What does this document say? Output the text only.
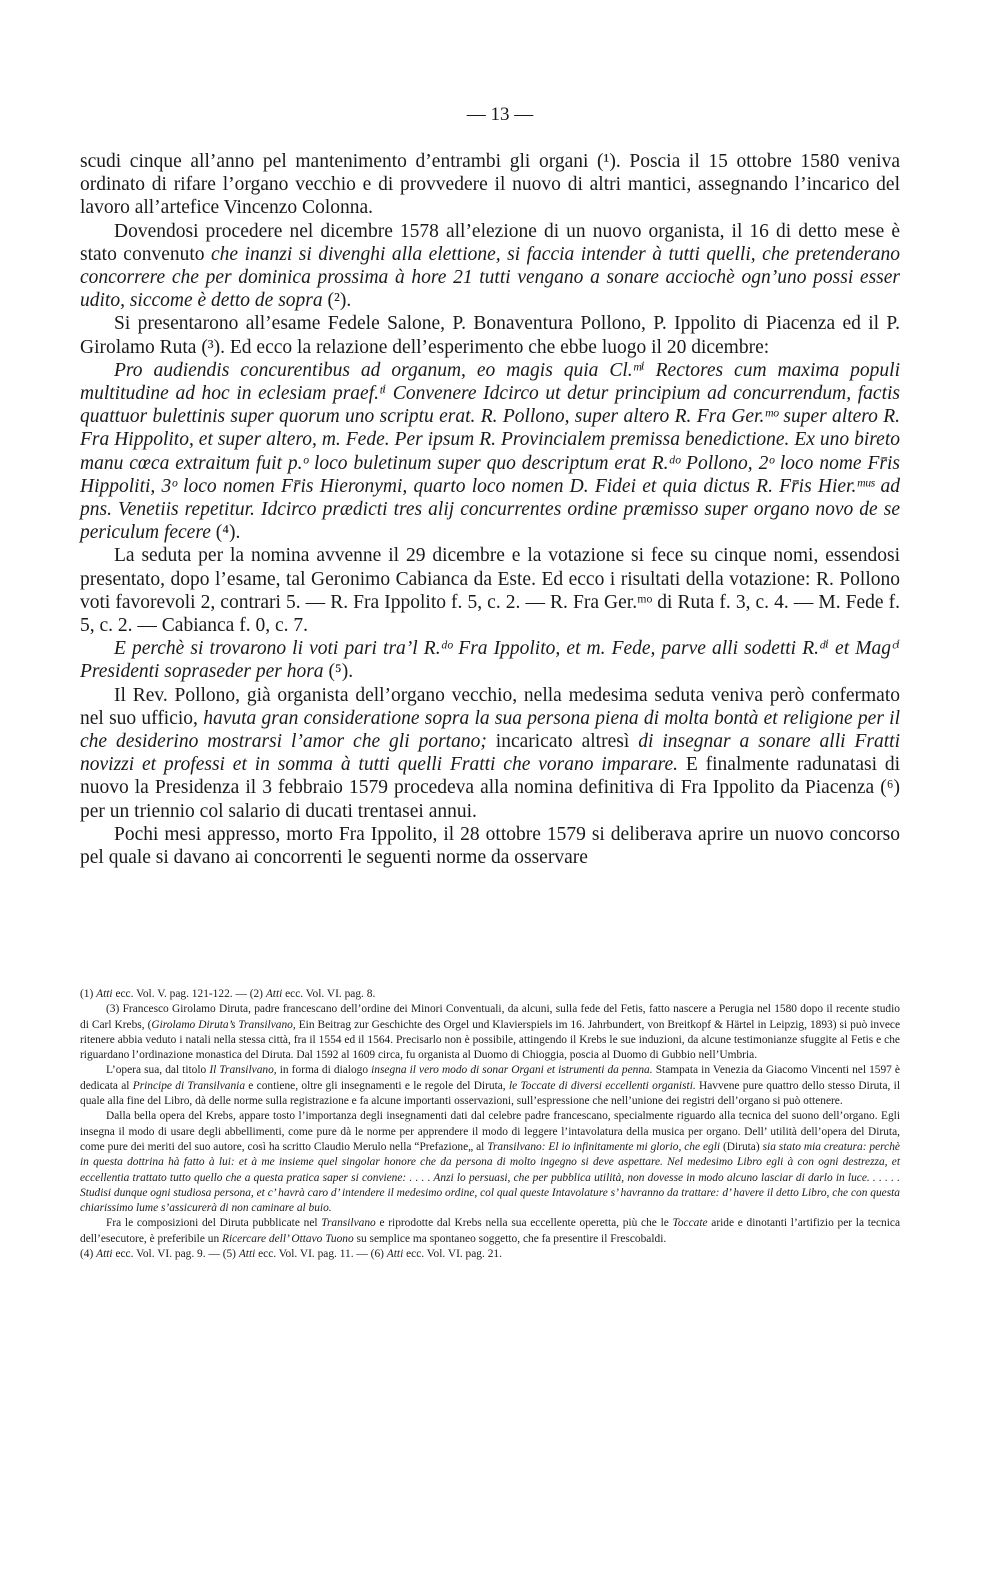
— 13 —

scudi cinque all’anno pel mantenimento d’entrambi gli organi (¹). Poscia il 15 ottobre 1580 veniva ordinato di rifare l’organo vecchio e di provvedere il nuovo di altri mantici, assegnando l’incarico del lavoro all’artefice Vincenzo Colonna.

Dovendosi procedere nel dicembre 1578 all’elezione di un nuovo organista, il 16 di detto mese è stato convenuto che inanzi si divenghi alla elettione, si faccia intender à tutti quelli, che pretenderano concorrere che per dominica prossima à hore 21 tutti vengano a sonare acciochè ogn’uno possi esser udito, siccome è detto de sopra (²).

Si presentarono all’esame Fedele Salone, P. Bonaventura Pollono, P. Ippolito di Piacenza ed il P. Girolamo Ruta (³). Ed ecco la relazione dell’esperimento che ebbe luogo il 20 dicembre:

Pro audiendis concurentibus ad organum, eo magis quia Cl.ᵐⁱ Rectores cum maxima populi multitudine ad hoc in eclesiam praef.ᵗⁱ Convenere Idcirco ut detur principium ad concurrendum, factis quattuor bulettinis super quorum uno scriptu erat. R. Pollono, super altero R. Fra Ger.ᵐᵒ super altero R. Fra Hippolito, et super altero, m. Fede. Per ipsum R. Provincialem premissa benedictione. Ex uno bireto manu cœca extraitum fuit p.ᵒ loco buletinum super quo descriptum erat R.ᵈᵒ Pollono, 2ᵒ loco nome Fr̄is Hippoliti, 3ᵒ loco nomen Fr̄is Hieronymi, quarto loco nomen D. Fidei et quia dictus R. Fr̄is Hier.ᵐᵘˢ ad pns. Venetiis repetitur. Idcirco prædicti tres alij concurrentes ordine præmisso super organo novo de se periculum fecere (⁴).

La seduta per la nomina avvenne il 29 dicembre e la votazione si fece su cinque nomi, essendosi presentato, dopo l’esame, tal Geronimo Cabianca da Este. Ed ecco i risultati della votazione: R. Pollono voti favorevoli 2, contrari 5. — R. Fra Ippolito f. 5, c. 2. — R. Fra Ger.ᵐᵒ di Ruta f. 3, c. 4. — M. Fede f. 5, c. 2. — Cabianca f. 0, c. 7.

E perchè si trovarono li voti pari tra’l R.ᵈᵒ Fra Ippolito, et m. Fede, parve alli sodetti R.ᵈⁱ et Magᶜⁱ Presidenti sopraseder per hora (⁵).

Il Rev. Pollono, già organista dell’organo vecchio, nella medesima seduta veniva però confermato nel suo ufficio, havuta gran consideratione sopra la sua persona piena di molta bontà et religione per il che desiderino mostrarsi l’amor che gli portano; incaricato altresì di insegnar a sonare alli Fratti novizzi et professi et in somma à tutti quelli Fratti che vorano imparare. E finalmente radunatasi di nuovo la Presidenza il 3 febbraio 1579 procedeva alla nomina definitiva di Fra Ippolito da Piacenza (⁶) per un triennio col salario di ducati trentasei annui.

Pochi mesi appresso, morto Fra Ippolito, il 28 ottobre 1579 si deliberava aprire un nuovo concorso pel quale si davano ai concorrenti le seguenti norme da osservare

(1) Atti ecc. Vol. V. pag. 121-122. — (2) Atti ecc. Vol. VI. pag. 8.

(3) Francesco Girolamo Diruta, padre francescano dell’ordine dei Minori Conventuali, da alcuni, sulla fede del Fetis, fatto nascere a Perugia nel 1580 dopo il recente studio di Carl Krebs, (Girolamo Diruta’s Transilvano, Ein Beitrag zur Geschichte des Orgel und Klavierspiels im 16. Jahrbundert, von Breitkopf & Härtel in Leipzig, 1893) si può invece ritenere abbia veduto i natali nella stessa città, fra il 1554 ed il 1564. Precisarlo non è possibile, attingendo il Krebs le sue induzioni, da alcune testimonianze sfuggite al Fetis e che riguardano l’ordinazione monastica del Diruta. Dal 1592 al 1609 circa, fu organista al Duomo di Chioggia, poscia al Duomo di Gubbio nell’Umbria.

L’opera sua, dal titolo Il Transilvano, in forma di dialogo insegna il vero modo di sonar Organi et istrumenti da penna. Stampata in Venezia da Giacomo Vincenti nel 1597 è dedicata al Principe di Transilvania e contiene, oltre gli insegnamenti e le regole del Diruta, le Toccate di diversi eccellenti organisti. Havvene pure quattro dello stesso Diruta, il quale alla fine del Libro, dà delle norme sulla registrazione e fa alcune importanti osservazioni, sull’espressione che nell’unione dei registri dell’organo si può ottenere.

Dalla bella opera del Krebs, appare tosto l’importanza degli insegnamenti dati dal celebre padre francescano, specialmente riguardo alla tecnica del suono dell’organo. Egli insegna il modo di usare degli abbellimenti, come pure dà le norme per apprendere il modo di leggere l’intavolatura della musica per organo. Dell’ utilità dell’opera del Diruta, come pure dei meriti del suo autore, così ha scritto Claudio Merulo nella “Prefazione„ al Transilvano: El io infinitamente mi glorio, che egli (Diruta) sia stato mia creatura: perchè in questa dottrina hà fatto à lui: et à me insieme quel singolar honore che da persona di molto ingegno si deve aspettare. Nel medesimo Libro egli à con ogni destrezza, et eccellentia trattato tutto quello che a questa pratica saper si conviene: . . . . Anzi lo persuasi, che per pubblica utilità, non dovesse in modo alcuno lasciar di darlo in luce. . . . . . Studisi dunque ogni studiosa persona, et c’ havrà caro d’ intendere il medesimo ordine, col qual queste Intavolature s’ havranno da trattare: d’ havere il detto Libro, che con questa chiarissimo lume s’assicurerà di non caminare al buio.

Fra le composizioni del Diruta pubblicate nel Transilvano e riprodotte dal Krebs nella sua eccellente operetta, più che le Toccate aride e dinotanti l’artifizio per la tecnica dell’esecutore, è preferibile un Ricercare dell’ Ottavo Tuono su semplice ma spontaneo soggetto, che fa presentire il Frescobaldi.

(4) Atti ecc. Vol. VI. pag. 9. — (5) Atti ecc. Vol. VI. pag. 11. — (6) Atti ecc. Vol. VI. pag. 21.
